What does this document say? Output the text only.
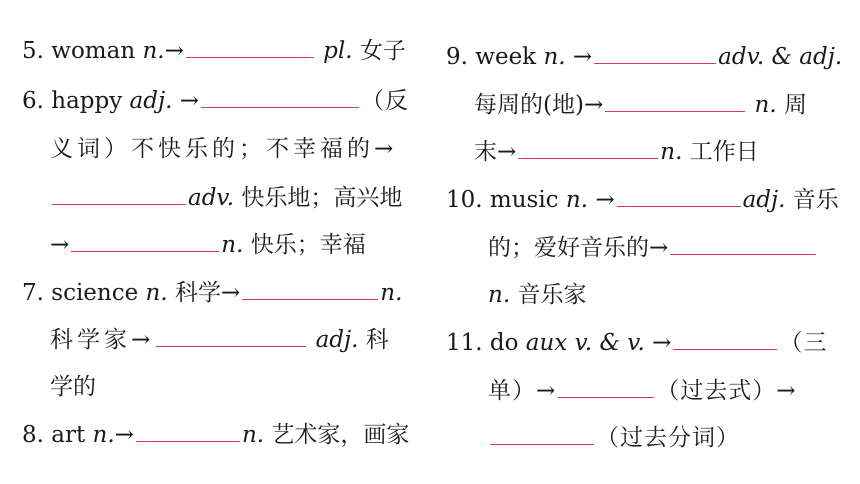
5. woman n.→	pl. 女子
6. happy adj. →	（反
义词）不快乐的；不幸福的→
adv. 快乐地；高兴地
→	n. 快乐；幸福
7. science n. 科学→	n.
科学家→	adj. 科
学的
8. art n.→	n. 艺术家，画家
9. week n. →	adv. & adj.
每周的(地)→	n. 周
末→	n. 工作日
10. music n. →	adj. 音乐
的；爱好音乐的→
n. 音乐家
11. do aux v. & v. →	（三
单）→	（过去式）→
（过去分词）
